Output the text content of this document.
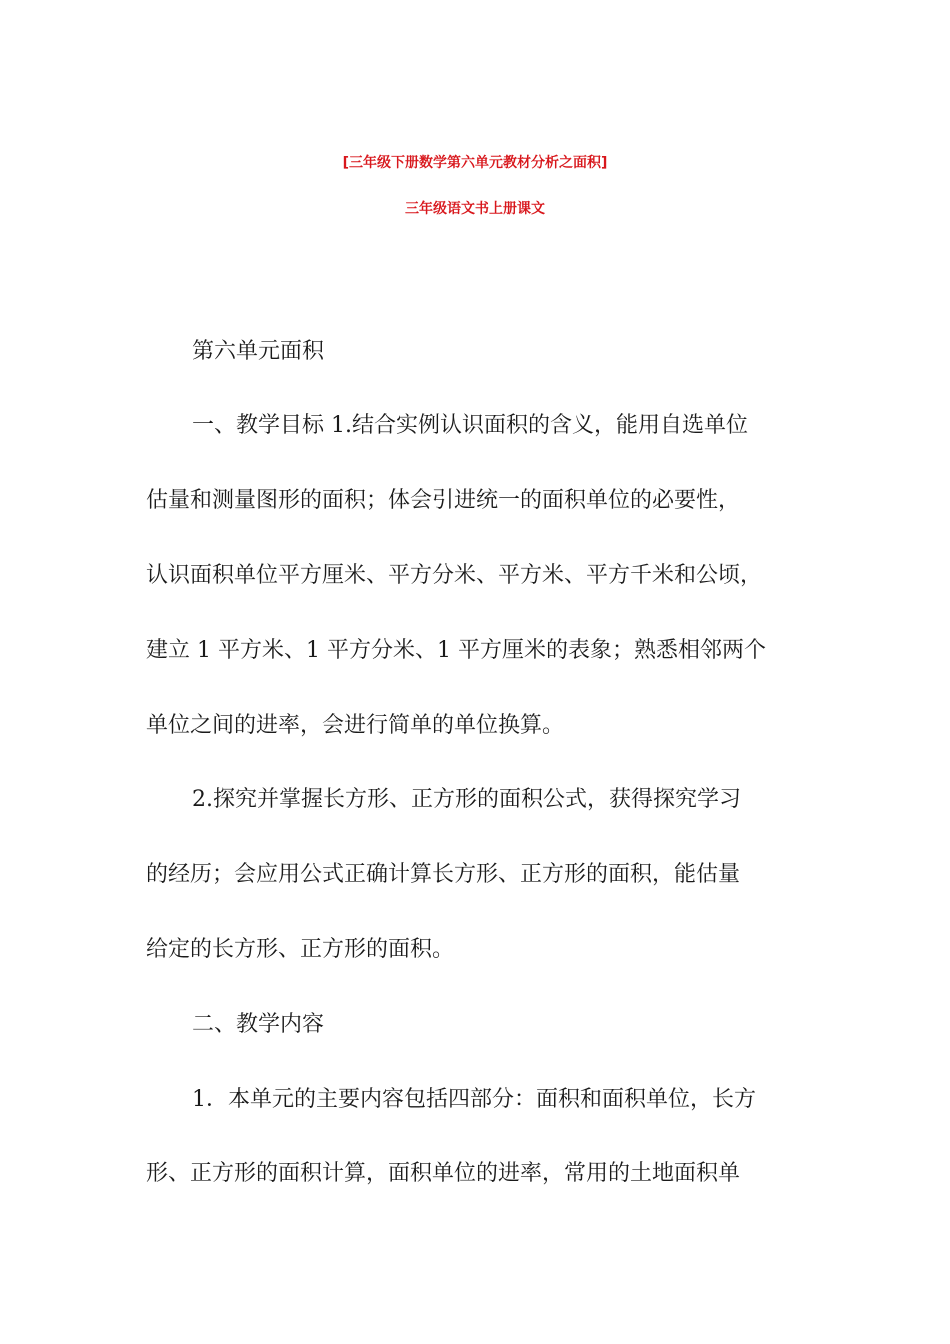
[三年级下册数学第六单元教材分析之面积]
三年级语文书上册课文
第六单元面积
一、教学目标 1.结合实例认识面积的含义，能用自选单位
估量和测量图形的面积；体会引进统一的面积单位的必要性，
认识面积单位平方厘米、平方分米、平方米、平方千米和公顷，
建立 1 平方米、1 平方分米、1 平方厘米的表象；熟悉相邻两个
单位之间的进率，会进行简单的单位换算。
2.探究并掌握长方形、正方形的面积公式，获得探究学习
的经历；会应用公式正确计算长方形、正方形的面积，能估量
给定的长方形、正方形的面积。
二、教学内容
1．本单元的主要内容包括四部分：面积和面积单位，长方
形、正方形的面积计算，面积单位的进率，常用的土地面积单
